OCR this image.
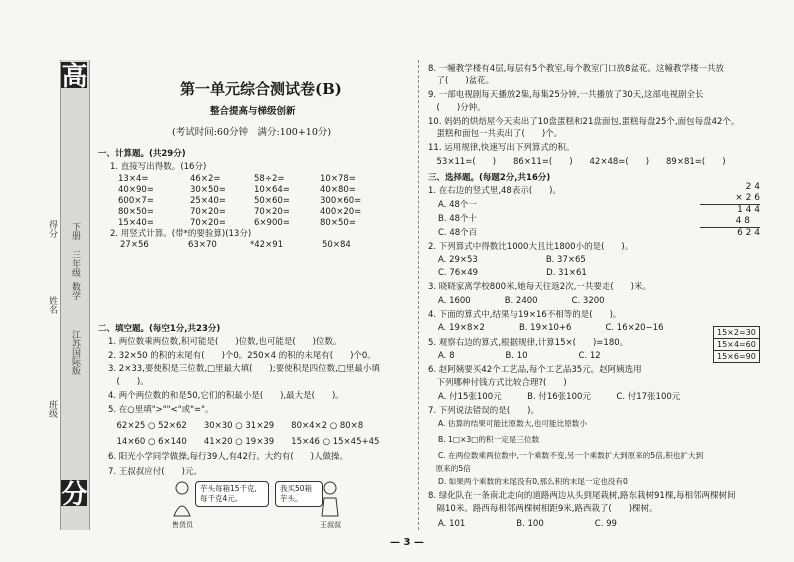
高
分
下册
三年级
数学
江苏国际版
得分
姓名
班级
第一单元综合测试卷(B)
整合提高与梯级创新
(考试时间:60分钟　满分:100+10分)
一、计算题。(共29分)
1. 直接写出得数。(16分)
13×4=	46×2=	58÷2=	10×78=
40×90=	30×50=	10×64=	40×80=
600×7=	25×40=	50×60=	300×60=
80×50=	70×20=	70×20=	400×20=
15×40=	70×20=	6×900=	80×50=
2. 用竖式计算。(带*的要验算)(13分)
27×56	63×70	*42×91	50×84
二、填空题。(每空1分,共23分)
1. 两位数乘两位数,积可能是(　　)位数,也可能是(　　)位数。
2. 32×50 的积的末尾有(　　)个0。250×4 的积的末尾有(　　)个0。
3. 2×33,要使积是三位数,□里最大填(　　);要使积是四位数,□里最小填
　(　　)。
4. 两个两位数的和是50,它们的积最小是(　　),最大是(　　)。
5. 在○里填">""<"或"="。
　62×25 ○ 52×62　　30×30 ○ 31×29　　80×4×2 ○ 80×8
　14×60 ○ 6×140　　41×20 ○ 19×39　　15×46 ○ 15×45+45
6. 阳光小学同学做操,每行39人,有42行。大约有(　　)人做操。
7. 王叔叔应付(　　)元。
芋头每箱15千克,每千克4元。
我买50箱芋头。
售货员	王叔叔
8. 一幢教学楼有4层,每层有5个教室,每个教室门口放8盆花。这幢教学楼一共放
　了(　　)盆花。
9. 一部电视剧每天播放2集,每集25分钟,一共播放了30天,这部电视剧全长
　(　　)分钟。
10. 妈妈的烘焙屋今天卖出了10盘蛋糕和21盘面包,蛋糕每盘25个,面包每盘42个。
　蛋糕和面包一共卖出了(　　)个。
11. 运用规律,快速写出下列算式的积。
　53×11=(　　)　　86×11=(　　)　　42×48=(　　)　　89×81=(　　)
三、选择题。(每题2分,共16分)
1. 在右边的竖式里,48表示(　　)。
A. 48个一
B. 48个十
C. 48个百
2. 下列算式中得数比1000大且比1800小的是(　　)。
A. 29×53　　　　　　　　B. 37×65
C. 76×49　　　　　　　　D. 31×61
3. 晓晓家离学校800米,她每天往返2次,一共要走(　　)米。
A. 1600　　　　B. 2400　　　　C. 3200
4. 下面的算式中,结果与19×16不相等的是(　　)。
A. 19×8×2　　　　B. 19×10+6　　　　C. 16×20−16
5. 观察右边的算式,根据规律,计算15×(　　)=180。
A. 8　　　　　　B. 10　　　　　　C. 12
6. 赵阿姨要买42个工艺品,每个工艺品35元。赵阿姨选用
　下列哪种付钱方式比较合理?(　　)
A. 付15张100元　　　B. 付16张100元　　　C. 付17张100元
7. 下列说法错误的是(　　)。
A. 估算的结果可能比原数大,也可能比原数小
B. 1□×3□的积一定是三位数
C. 在两位数乘两位数中,一个乘数不变,另一个乘数扩大到原来的5倍,积也扩大到
　原来的5倍
D. 如果两个乘数的末尾没有0,那么积的末尾一定也没有0
8. 绿化队在一条南北走向的道路两边从头到尾栽树,路东栽树91棵,每相邻两棵树间
　隔10米。路西每相邻两棵树相距9米,路西栽了(　　)棵树。
A. 101　　　　　　B. 100　　　　　　C. 99
2 4
× 2 6
1 4 4
4 8
6 2 4
15×2=30
15×4=60
15×6=90
— 3 —
